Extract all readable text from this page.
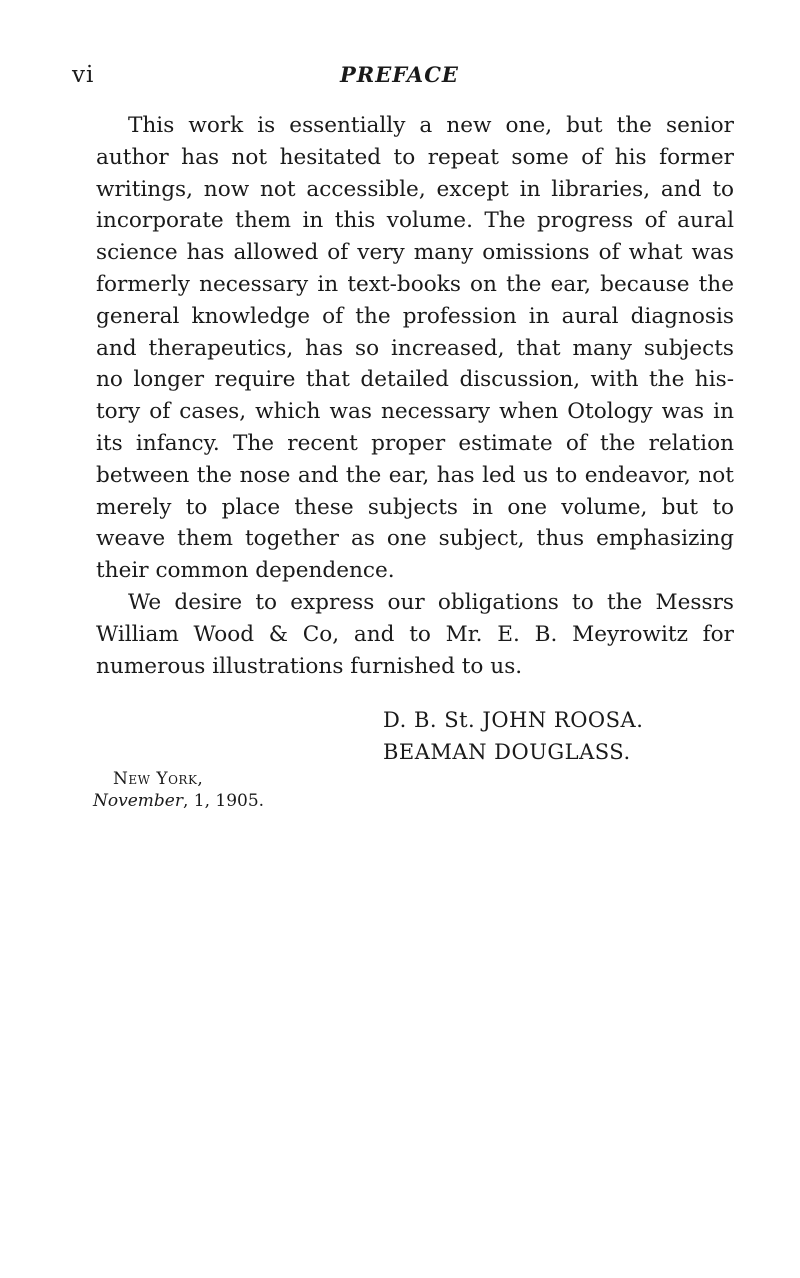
vi	PREFACE

This work is essentially a new one, but the senior
author has not hesitated to repeat some of his former
writings, now not accessible, except in libraries, and to
incorporate them in this volume. The progress of aural
science has allowed of very many omissions of what was
formerly necessary in text-books on the ear, because the
general knowledge of the profession in aural diagnosis
and therapeutics, has so increased, that many subjects
no longer require that detailed discussion, with the his-
tory of cases, which was necessary when Otology was in
its infancy. The recent proper estimate of the relation
between the nose and the ear, has led us to endeavor, not
merely to place these subjects in one volume, but to
weave them together as one subject, thus emphasizing
their common dependence.

We desire to express our obligations to the Messrs
William Wood & Co, and to Mr. E. B. Meyrowitz for
numerous illustrations furnished to us.

D. B. St. JOHN ROOSA.
BEAMAN DOUGLASS.
New York,
November, 1, 1905.
